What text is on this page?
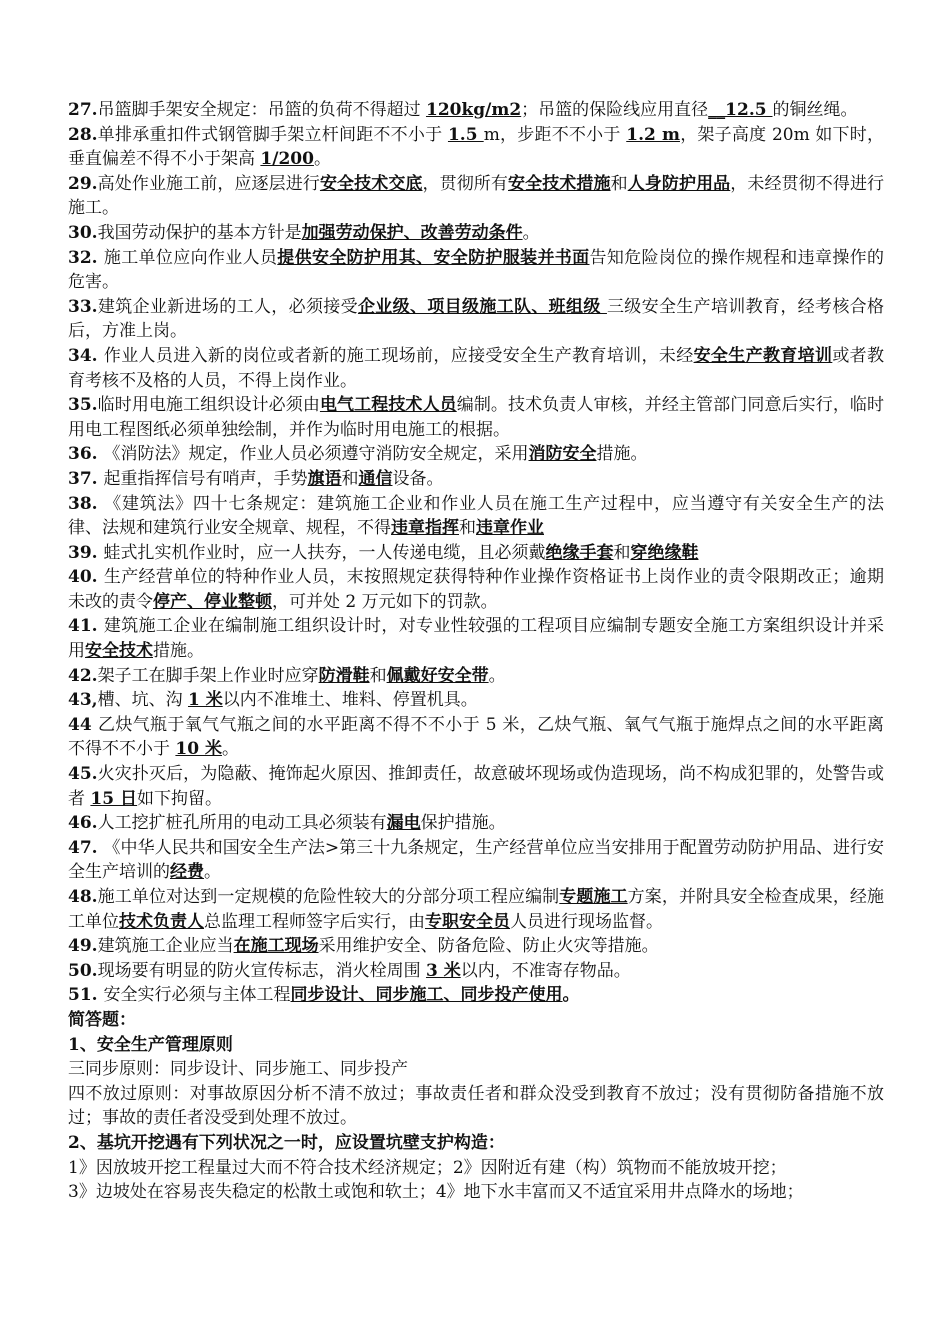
27.吊篮脚手架安全规定：吊篮的负荷不得超过 120kg/m2；吊篮的保险线应用直径__12.5 的铜丝绳。

28.单排承重扣件式钢管脚手架立杆间距不不小于 1.5 m，步距不不小于 1.2 m，架子高度 20m 如下时，垂直偏差不得不小于架高 1/200。

29.高处作业施工前，应逐层进行安全技术交底，贯彻所有安全技术措施和人身防护用品，未经贯彻不得进行施工。

30.我国劳动保护的基本方针是加强劳动保护、改善劳动条件。

32. 施工单位应向作业人员提供安全防护用其、安全防护服装并书面告知危险岗位的操作规程和违章操作的危害。

33.建筑企业新进场的工人，必须接受企业级、项目级施工队、班组级 三级安全生产培训教育，经考核合格后，方准上岗。

34. 作业人员进入新的岗位或者新的施工现场前，应接受安全生产教育培训，未经安全生产教育培训或者教育考核不及格的人员，不得上岗作业。

35.临时用电施工组织设计必须由电气工程技术人员编制。技术负责人审核，并经主管部门同意后实行，临时用电工程图纸必须单独绘制，并作为临时用电施工的根据。

36. 《消防法》规定，作业人员必须遵守消防安全规定，采用消防安全措施。

37. 起重指挥信号有哨声，手势旗语和通信设备。

38. 《建筑法》四十七条规定：建筑施工企业和作业人员在施工生产过程中，应当遵守有关安全生产的法律、法规和建筑行业安全规章、规程，不得违章指挥和违章作业

39. 蛙式扎实机作业时，应一人扶夯，一人传递电缆，且必须戴绝缘手套和穿绝缘鞋

40. 生产经营单位的特种作业人员，末按照规定获得特种作业操作资格证书上岗作业的责令限期改正；逾期未改的责令停产、停业整顿，可并处 2 万元如下的罚款。

41. 建筑施工企业在编制施工组织设计时，对专业性较强的工程项目应编制专题安全施工方案组织设计并采用安全技术措施。

42.架子工在脚手架上作业时应穿防滑鞋和佩戴好安全带。

43,槽、坑、沟 1 米以内不准堆土、堆料、停置机具。

44 乙炔气瓶于氧气气瓶之间的水平距离不得不不小于 5 米，乙炔气瓶、氧气气瓶于施焊点之间的水平距离不得不不小于 10 米。

45.火灾扑灭后，为隐蔽、掩饰起火原因、推卸责任，故意破坏现场或伪造现场，尚不构成犯罪的，处警告或者 15 日如下拘留。

46.人工挖扩桩孔所用的电动工具必须装有漏电保护措施。

47. 《中华人民共和国安全生产法>第三十九条规定，生产经营单位应当安排用于配置劳动防护用品、进行安全生产培训的经费。

48.施工单位对达到一定规模的危险性较大的分部分项工程应编制专题施工方案，并附具安全检查成果，经施工单位技术负责人总监理工程师签字后实行，由专职安全员人员进行现场监督。

49.建筑施工企业应当在施工现场采用维护安全、防备危险、防止火灾等措施。

50.现场要有明显的防火宣传标志，消火栓周围 3 米以内，不准寄存物品。

51. 安全实行必须与主体工程同步设计、同步施工、同步投产使用。

简答题：

1、安全生产管理原则

三同步原则：同步设计、同步施工、同步投产

四不放过原则：对事故原因分析不清不放过；事故责任者和群众没受到教育不放过；没有贯彻防备措施不放过；事故的责任者没受到处理不放过。

2、基坑开挖遇有下列状况之一时，应设置坑壁支护构造：

1》因放坡开挖工程量过大而不符合技术经济规定；2》因附近有建（构）筑物而不能放坡开挖；

3》边坡处在容易丧失稳定的松散土或饱和软土；4》地下水丰富而又不适宜采用井点降水的场地；
